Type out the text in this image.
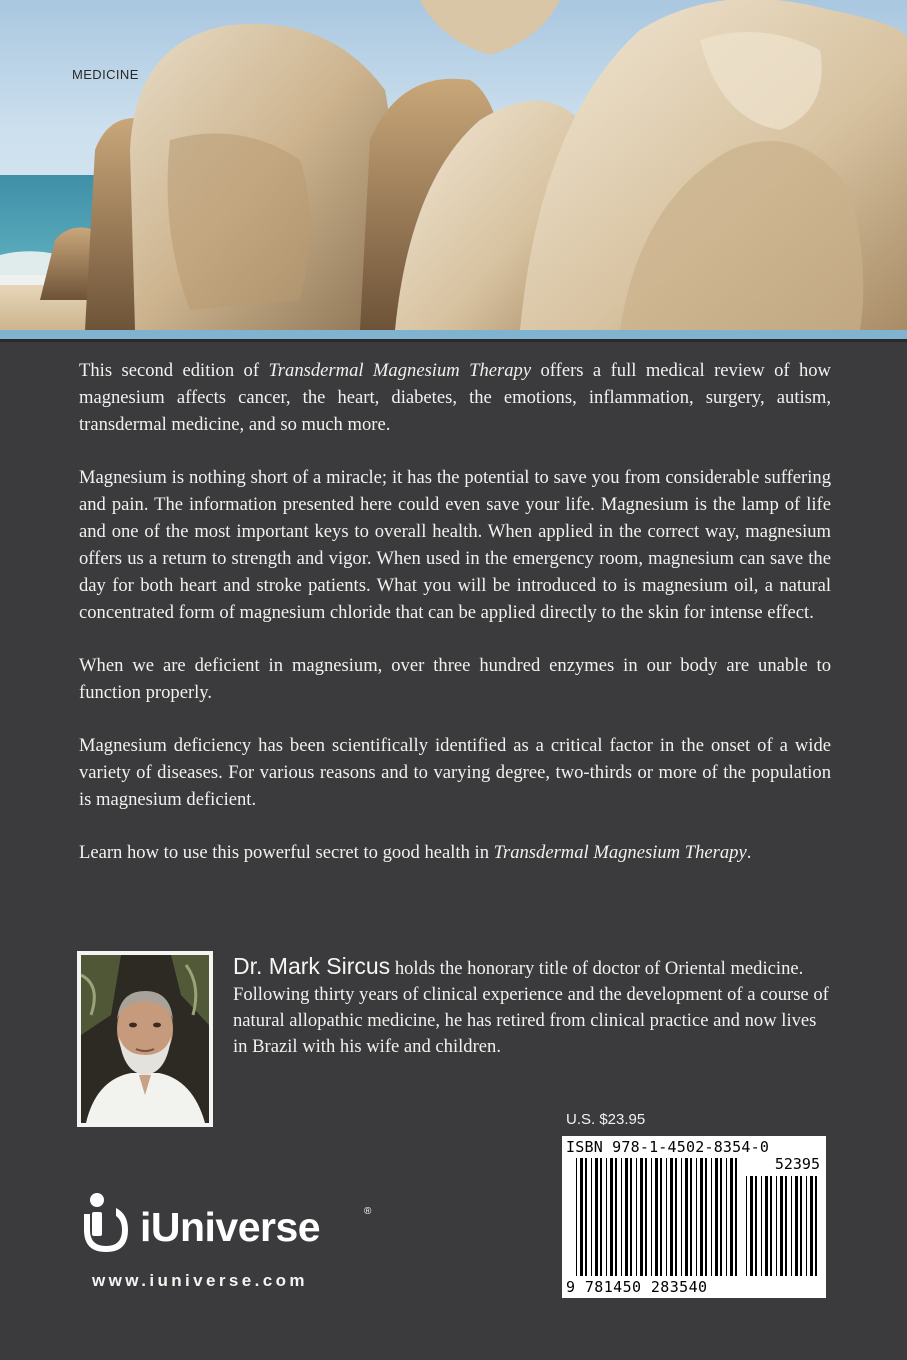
MEDICINE

This second edition of Transdermal Magnesium Therapy offers a full medical review of how magnesium affects cancer, the heart, diabetes, the emotions, inflammation, surgery, autism, transdermal medicine, and so much more.

Magnesium is nothing short of a miracle; it has the potential to save you from considerable suffering and pain. The information presented here could even save your life. Magnesium is the lamp of life and one of the most important keys to overall health. When applied in the correct way, magnesium offers us a return to strength and vigor. When used in the emergency room, magnesium can save the day for both heart and stroke patients. What you will be introduced to is magnesium oil, a natural concentrated form of magnesium chloride that can be applied directly to the skin for intense effect.

When we are deficient in magnesium, over three hundred enzymes in our body are unable to function properly.

Magnesium deficiency has been scientifically identified as a critical factor in the onset of a wide variety of diseases. For various reasons and to varying degree, two-thirds or more of the population is magnesium deficient.

Learn how to use this powerful secret to good health in Transdermal Magnesium Therapy.

Dr. Mark Sircus holds the honorary title of doctor of Oriental medicine. Following thirty years of clinical experience and the development of a course of natural allopathic medicine, he has retired from clinical practice and now lives in Brazil with his wife and children.
U.S. $23.95
ISBN 978-1-4502-8354-0
52395
9 781450 283540
iUniverse	®
www.iuniverse.com
